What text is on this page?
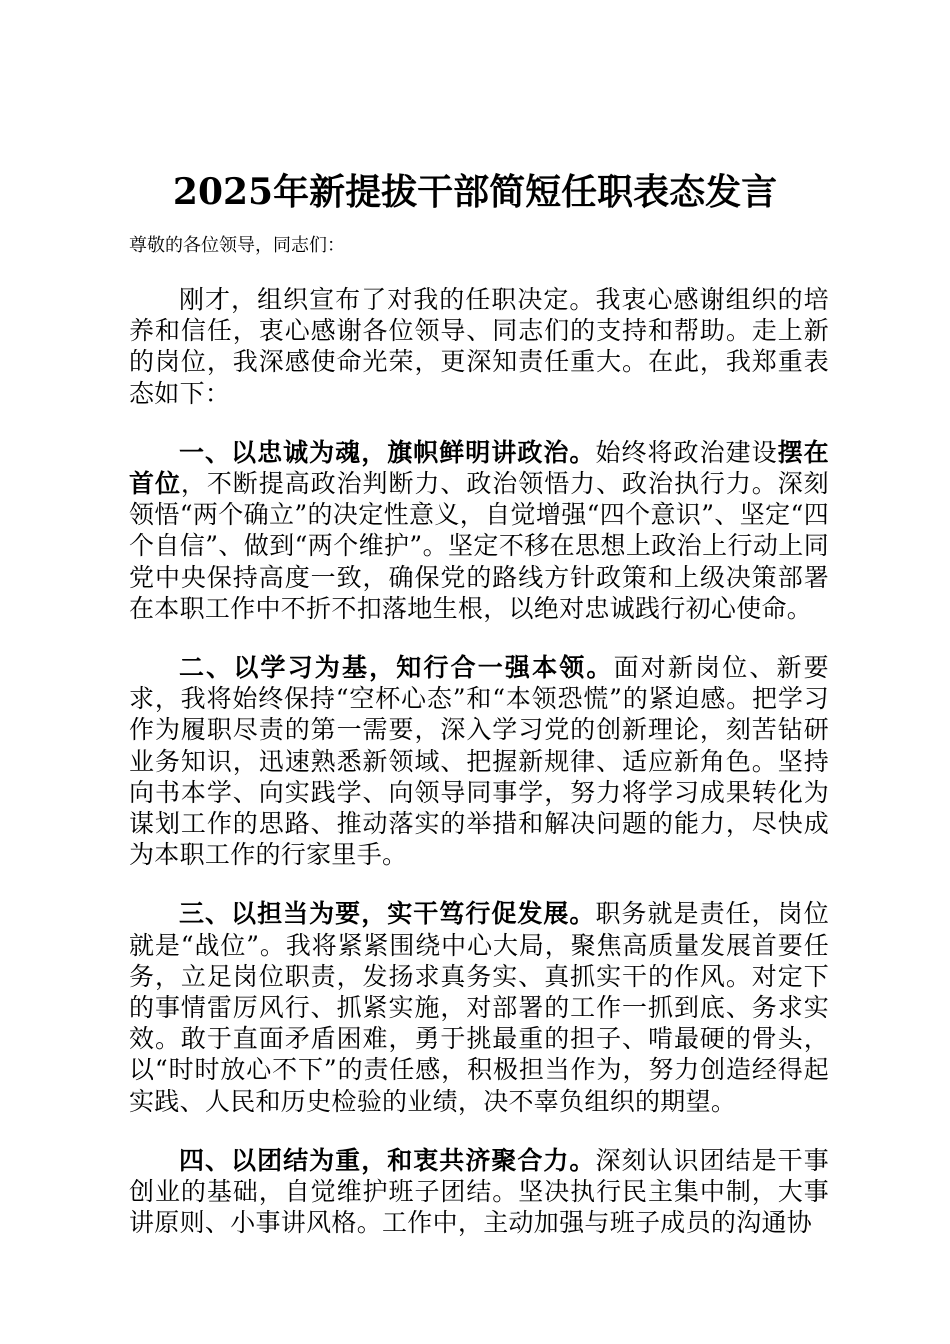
2025年新提拔干部简短任职表态发言
尊敬的各位领导，同志们：

刚才，组织宣布了对我的任职决定。我衷心感谢组织的培养和信任，衷心感谢各位领导、同志们的支持和帮助。走上新的岗位，我深感使命光荣，更深知责任重大。在此，我郑重表态如下：

一、以忠诚为魂，旗帜鲜明讲政治。始终将政治建设摆在首位，不断提高政治判断力、政治领悟力、政治执行力。深刻领悟“两个确立”的决定性意义，自觉增强“四个意识”、坚定“四个自信”、做到“两个维护”。坚定不移在思想上政治上行动上同党中央保持高度一致，确保党的路线方针政策和上级决策部署在本职工作中不折不扣落地生根，以绝对忠诚践行初心使命。

二、以学习为基，知行合一强本领。面对新岗位、新要求，我将始终保持“空杯心态”和“本领恐慌”的紧迫感。把学习作为履职尽责的第一需要，深入学习党的创新理论，刻苦钻研业务知识，迅速熟悉新领域、把握新规律、适应新角色。坚持向书本学、向实践学、向领导同事学，努力将学习成果转化为谋划工作的思路、推动落实的举措和解决问题的能力，尽快成为本职工作的行家里手。

三、以担当为要，实干笃行促发展。职务就是责任，岗位就是“战位”。我将紧紧围绕中心大局，聚焦高质量发展首要任务，立足岗位职责，发扬求真务实、真抓实干的作风。对定下的事情雷厉风行、抓紧实施，对部署的工作一抓到底、务求实效。敢于直面矛盾困难，勇于挑最重的担子、啃最硬的骨头，以“时时放心不下”的责任感，积极担当作为，努力创造经得起实践、人民和历史检验的业绩，决不辜负组织的期望。

四、以团结为重，和衷共济聚合力。深刻认识团结是干事创业的基础，自觉维护班子团结。坚决执行民主集中制，大事讲原则、小事讲风格。工作中，主动加强与班子成员的沟通协
